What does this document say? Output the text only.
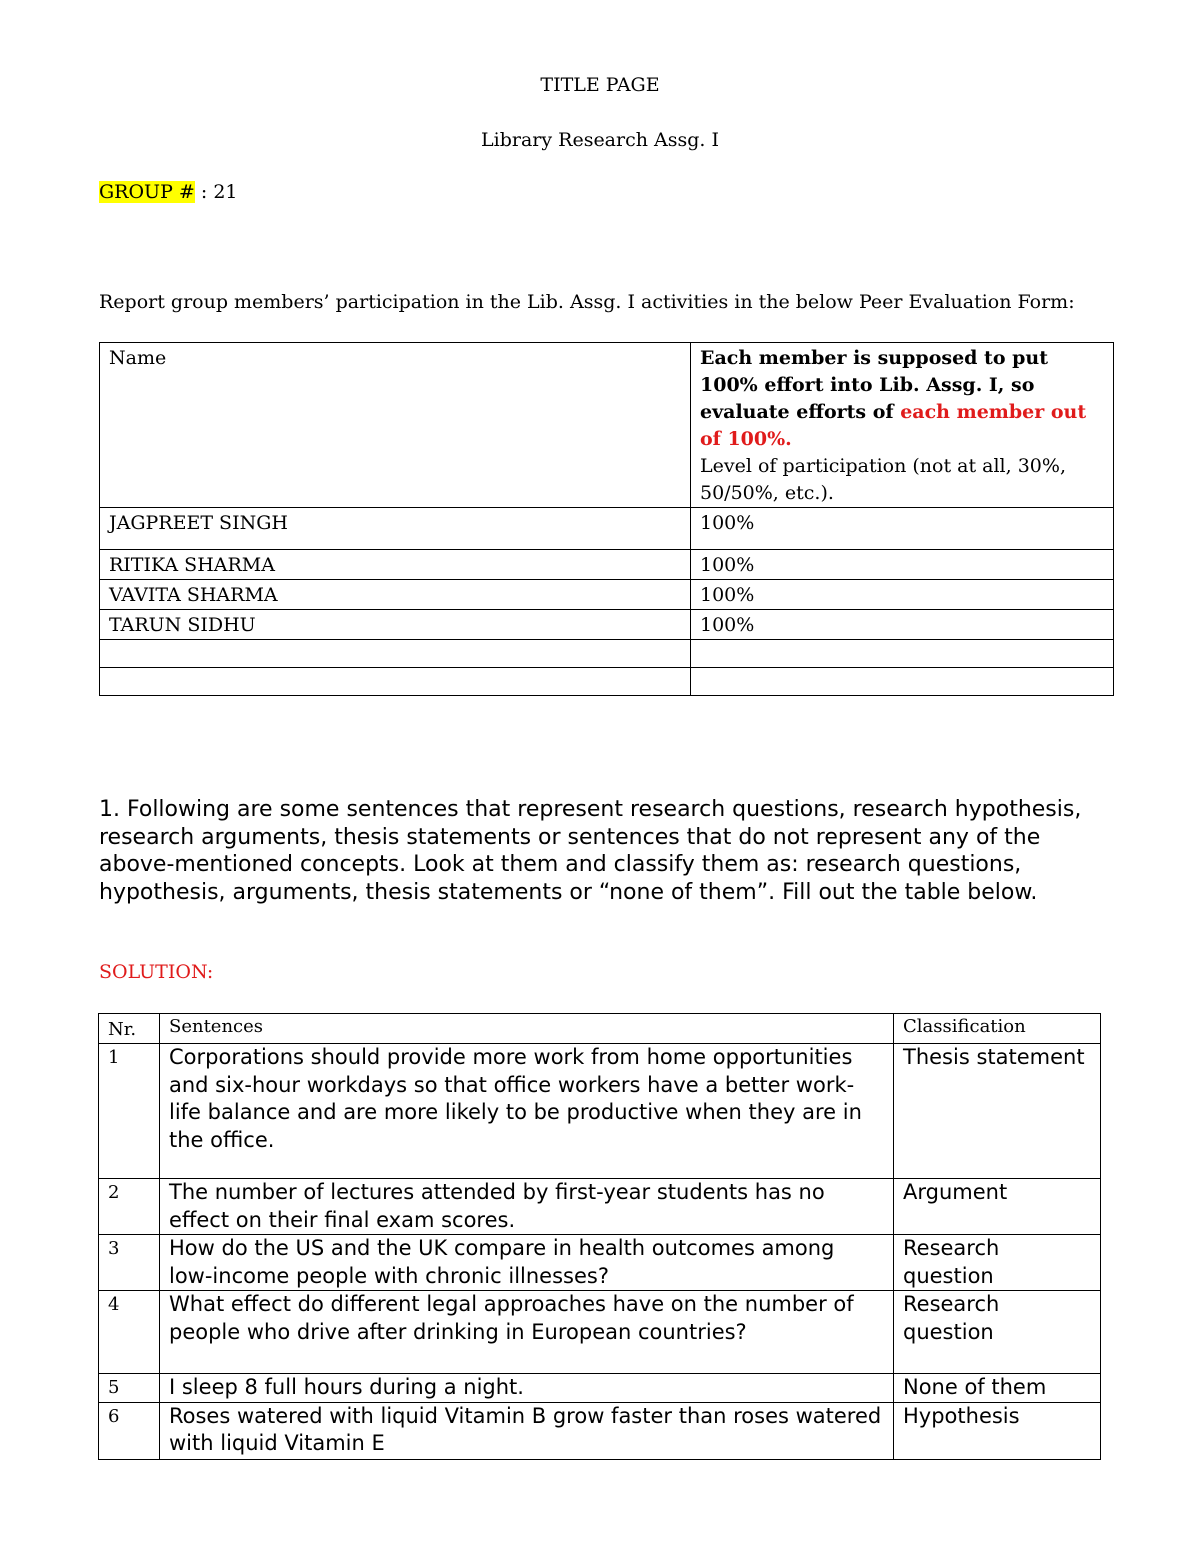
TITLE PAGE
Library Research Assg. I
GROUP # : 21
Report group members’ participation in the Lib. Assg. I activities in the below Peer Evaluation Form:
Name	Each member is supposed to put 100% effort into Lib. Assg. I, so evaluate efforts of each member out of 100%.
Level of participation (not at all, 30%, 50/50%, etc.).
JAGPREET SINGH	100%
RITIKA SHARMA	100%
VAVITA SHARMA	100%
TARUN SIDHU	100%

1. Following are some sentences that represent research questions, research hypothesis, research arguments, thesis statements or sentences that do not represent any of the above-mentioned concepts. Look at them and classify them as: research questions, hypothesis, arguments, thesis statements or “none of them”. Fill out the table below.
SOLUTION:
Nr.	Sentences	Classification
1	Corporations should provide more work from home opportunities and six-hour workdays so that office workers have a better work-life balance and are more likely to be productive when they are in the office.	Thesis statement
2	The number of lectures attended by first-year students has no effect on their final exam scores.	Argument
3	How do the US and the UK compare in health outcomes among low-income people with chronic illnesses?	Research question
4	What effect do different legal approaches have on the number of people who drive after drinking in European countries?	Research question
5	I sleep 8 full hours during a night.	None of them
6	Roses watered with liquid Vitamin B grow faster than roses watered with liquid Vitamin E	Hypothesis
